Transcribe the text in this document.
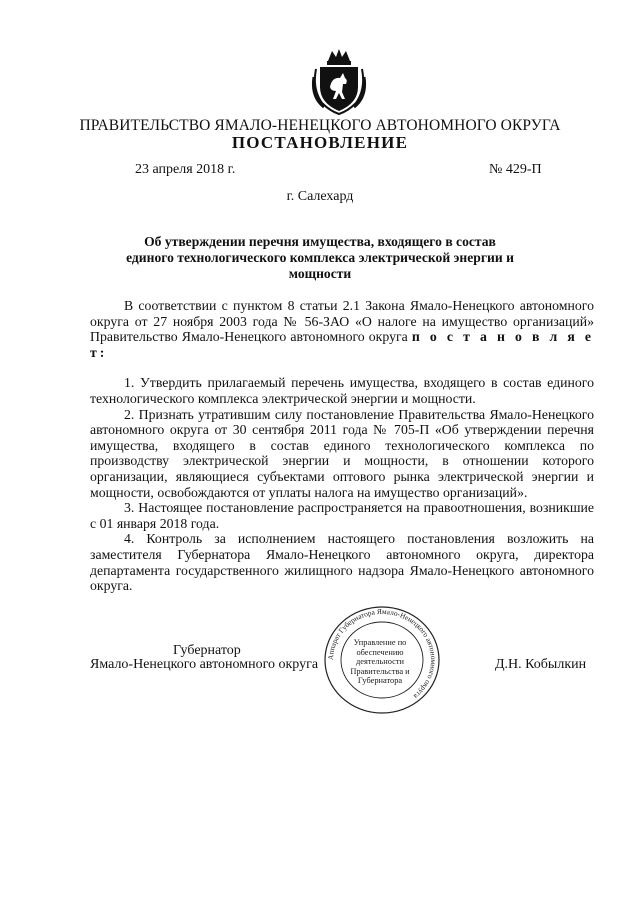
ПРАВИТЕЛЬСТВО ЯМАЛО-НЕНЕЦКОГО АВТОНОМНОГО ОКРУГА
ПОСТАНОВЛЕНИЕ
23 апреля 2018 г.	№ 429-П
г. Салехард
Об утверждении перечня имущества, входящего в состав единого технологического комплекса электрической энергии и мощности

В соответствии с пунктом 8 статьи 2.1 Закона Ямало-Ненецкого автономного округа от 27 ноября 2003 года № 56-ЗАО «О налоге на имущество организаций» Правительство Ямало-Ненецкого автономного округа п о с т а н о в л я е т:

1. Утвердить прилагаемый перечень имущества, входящего в состав единого технологического комплекса электрической энергии и мощности.

2. Признать утратившим силу постановление Правительства Ямало-Ненецкого автономного округа от 30 сентября 2011 года № 705-П «Об утверждении перечня имущества, входящего в состав единого технологического комплекса по производству электрической энергии и мощности, в отношении которого организации, являющиеся субъектами оптового рынка электрической энергии и мощности, освобождаются от уплаты налога на имущество организаций».

3. Настоящее постановление распространяется на правоотношения, возникшие с 01 января 2018 года.

4. Контроль за исполнением настоящего постановления возложить на заместителя Губернатора Ямало-Ненецкого автономного округа, директора департамента государственного жилищного надзора Ямало-Ненецкого автономного округа.

Губернатор
Ямало-Ненецкого автономного округа	Д.Н. Кобылкин
Аппарат Губернатора Ямало-Ненецкого автономного округа
Управление по обеспечению деятельности Правительства и Губернатора
